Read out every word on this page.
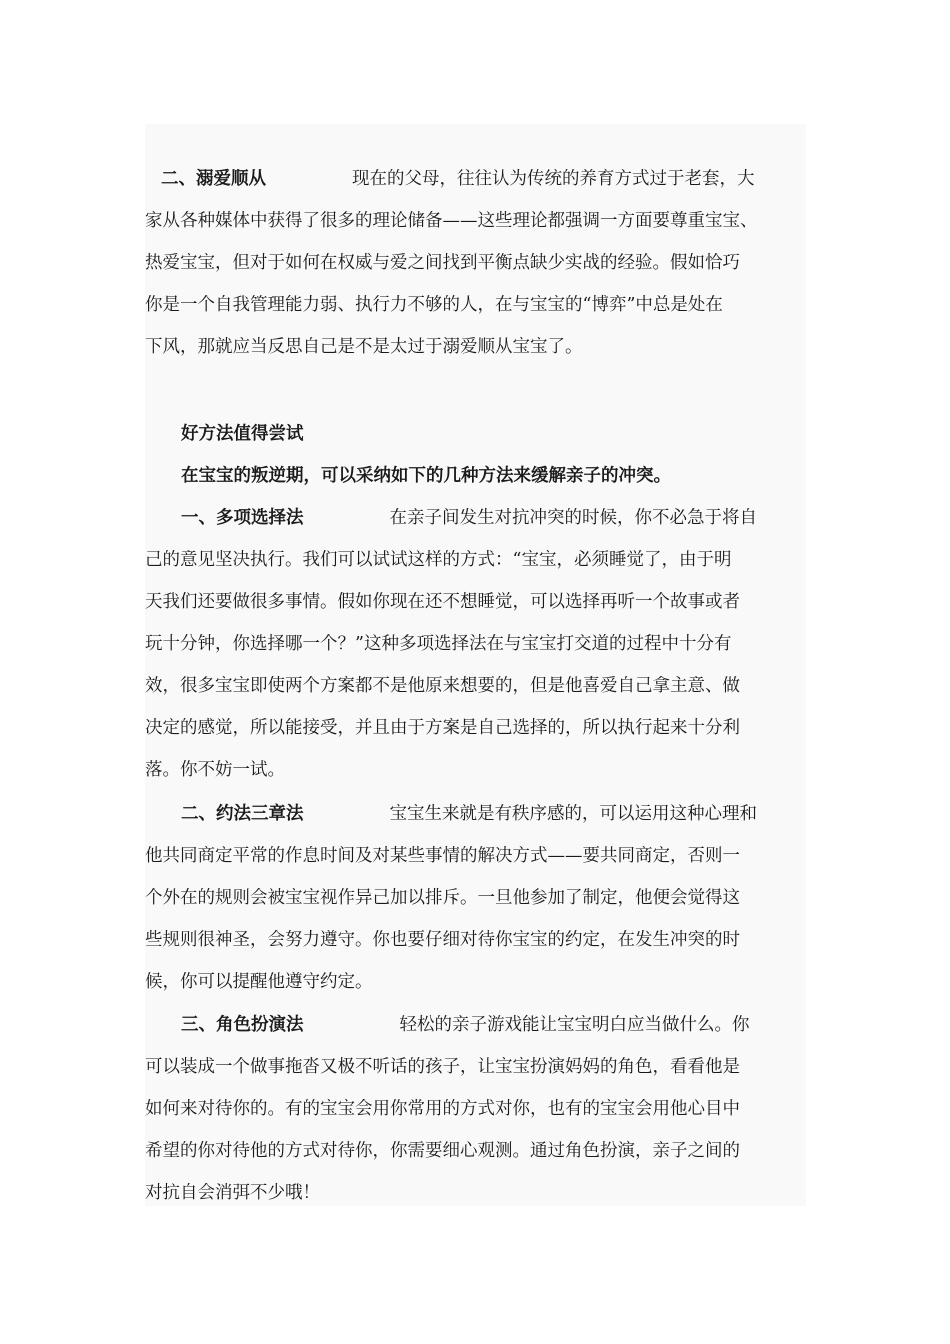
二、溺爱顺从	现在的父母，往往认为传统的养育方式过于老套，大
家从各种媒体中获得了很多的理论储备——这些理论都强调一方面要尊重宝宝、
热爱宝宝，但对于如何在权威与爱之间找到平衡点缺少实战的经验。假如恰巧
你是一个自我管理能力弱、执行力不够的人，在与宝宝的“博弈”中总是处在
下风，那就应当反思自己是不是太过于溺爱顺从宝宝了。
好方法值得尝试
在宝宝的叛逆期，可以采纳如下的几种方法来缓解亲子的冲突。
一、多项选择法	在亲子间发生对抗冲突的时候，你不必急于将自
己的意见坚决执行。我们可以试试这样的方式：“宝宝，必须睡觉了，由于明
天我们还要做很多事情。假如你现在还不想睡觉，可以选择再听一个故事或者
玩十分钟，你选择哪一个？”这种多项选择法在与宝宝打交道的过程中十分有
效，很多宝宝即使两个方案都不是他原来想要的，但是他喜爱自己拿主意、做
决定的感觉，所以能接受，并且由于方案是自己选择的，所以执行起来十分利
落。你不妨一试。
二、约法三章法	宝宝生来就是有秩序感的，可以运用这种心理和
他共同商定平常的作息时间及对某些事情的解决方式——要共同商定，否则一
个外在的规则会被宝宝视作异己加以排斥。一旦他参加了制定，他便会觉得这
些规则很神圣，会努力遵守。你也要仔细对待你宝宝的约定，在发生冲突的时
候，你可以提醒他遵守约定。
三、角色扮演法	轻松的亲子游戏能让宝宝明白应当做什么。你
可以装成一个做事拖沓又极不听话的孩子，让宝宝扮演妈妈的角色，看看他是
如何来对待你的。有的宝宝会用你常用的方式对你，也有的宝宝会用他心目中
希望的你对待他的方式对待你，你需要细心观测。通过角色扮演，亲子之间的
对抗自会消弭不少哦！
